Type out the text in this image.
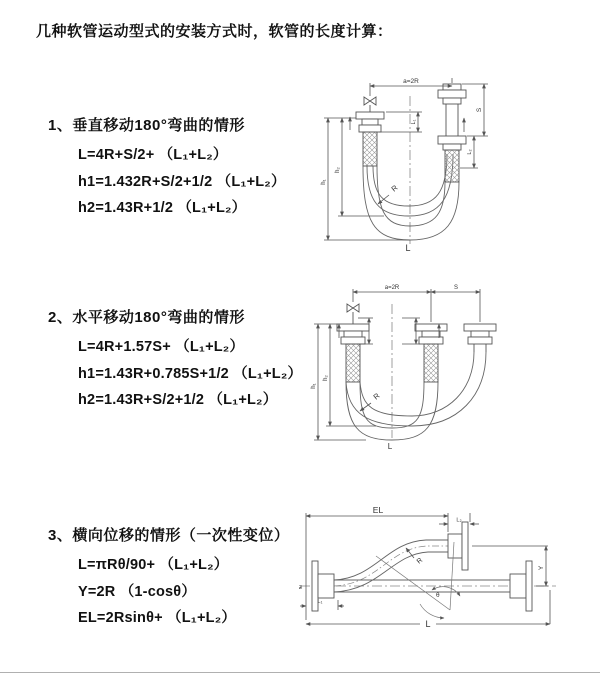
几种软管运动型式的安装方式时，软管的长度计算：
1、垂直移动180°弯曲的情形
L=4R+S/2+ （L₁+L₂）
h1=1.432R+S/2+1/2 （L₁+L₂）
h2=1.43R+1/2 （L₁+L₂）
a=2R
h₁
h₂
L₁
S
L₂
R
L
2、水平移动180°弯曲的情形
L=4R+1.57S+ （L₁+L₂）
h1=1.43R+0.785S+1/2 （L₁+L₂）
h2=1.43R+S/2+1/2 （L₁+L₂）
a=2R	S
h₁
h₂
R
L
3、横向位移的情形（一次性变位）
L=πRθ/90+ （L₁+L₂）
Y=2R （1-cosθ）
EL=2Rsinθ+ （L₁+L₂）
EL
L₂
Y
θ
R
L
L₁
ƶ
